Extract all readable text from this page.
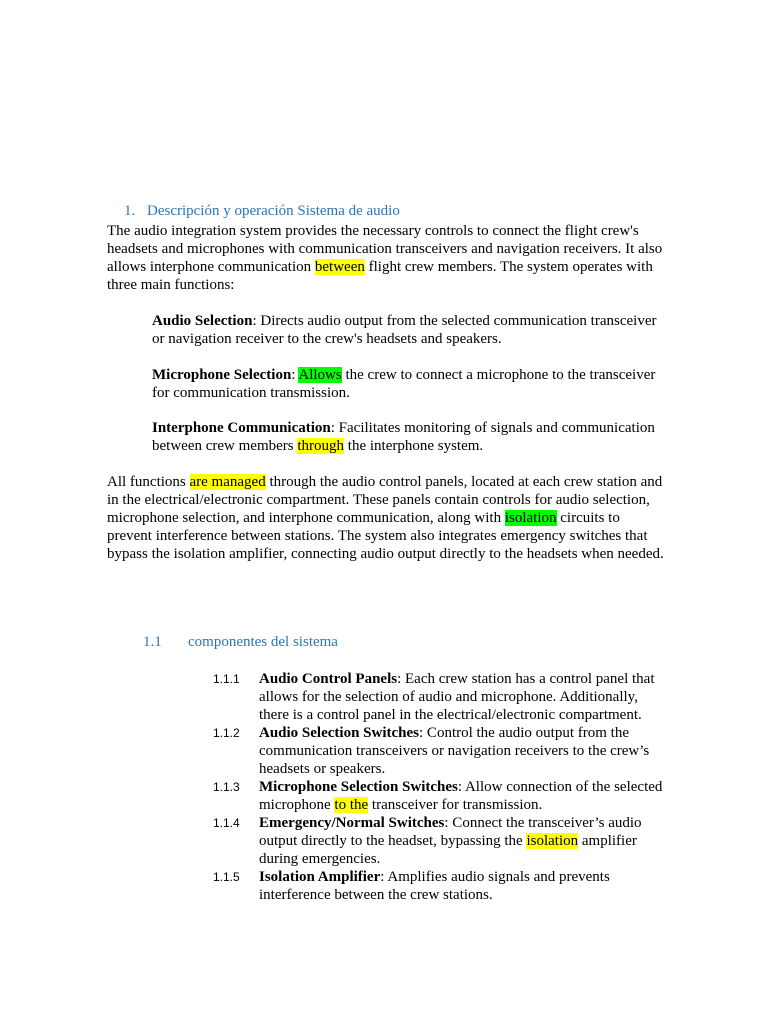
1. Descripción y operación Sistema de audio
The audio integration system provides the necessary controls to connect the flight crew's headsets and microphones with communication transceivers and navigation receivers. It also allows interphone communication between flight crew members. The system operates with three main functions:
Audio Selection: Directs audio output from the selected communication transceiver or navigation receiver to the crew's headsets and speakers.
Microphone Selection: Allows the crew to connect a microphone to the transceiver for communication transmission.
Interphone Communication: Facilitates monitoring of signals and communication between crew members through the interphone system.
All functions are managed through the audio control panels, located at each crew station and in the electrical/electronic compartment. These panels contain controls for audio selection, microphone selection, and interphone communication, along with isolation circuits to prevent interference between stations. The system also integrates emergency switches that bypass the isolation amplifier, connecting audio output directly to the headsets when needed.
1.1 componentes del sistema
1.1.1 Audio Control Panels: Each crew station has a control panel that allows for the selection of audio and microphone. Additionally, there is a control panel in the electrical/electronic compartment.
1.1.2 Audio Selection Switches: Control the audio output from the communication transceivers or navigation receivers to the crew’s headsets or speakers.
1.1.3 Microphone Selection Switches: Allow connection of the selected microphone to the transceiver for transmission.
1.1.4 Emergency/Normal Switches: Connect the transceiver’s audio output directly to the headset, bypassing the isolation amplifier during emergencies.
1.1.5 Isolation Amplifier: Amplifies audio signals and prevents interference between the crew stations.
